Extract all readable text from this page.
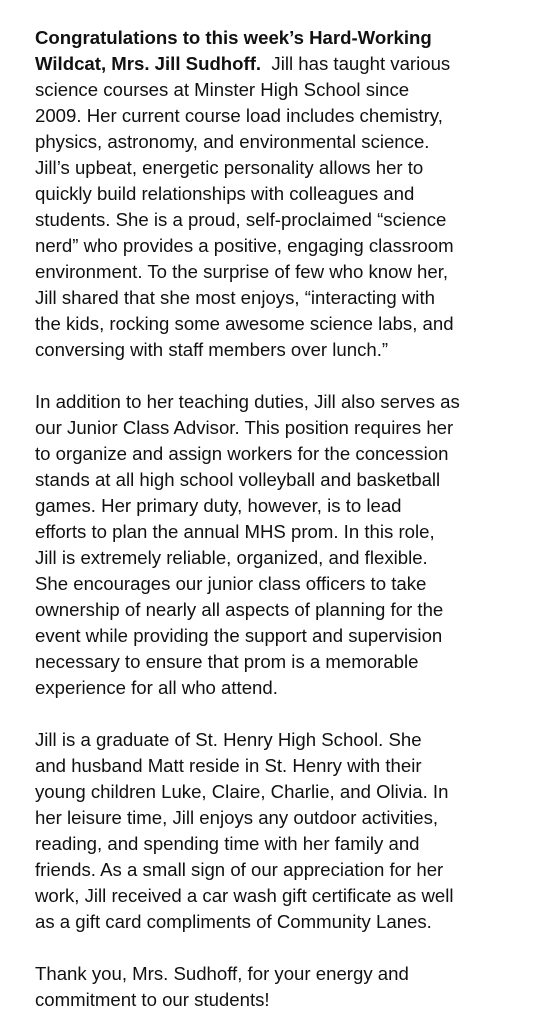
Congratulations to this week’s Hard-Working
Wildcat, Mrs. Jill Sudhoff.  Jill has taught various
science courses at Minster High School since
2009. Her current course load includes chemistry,
physics, astronomy, and environmental science.
Jill’s upbeat, energetic personality allows her to
quickly build relationships with colleagues and
students. She is a proud, self-proclaimed “science
nerd” who provides a positive, engaging classroom
environment. To the surprise of few who know her,
Jill shared that she most enjoys, “interacting with
the kids, rocking some awesome science labs, and
conversing with staff members over lunch.”

In addition to her teaching duties, Jill also serves as
our Junior Class Advisor. This position requires her
to organize and assign workers for the concession
stands at all high school volleyball and basketball
games. Her primary duty, however, is to lead
efforts to plan the annual MHS prom. In this role,
Jill is extremely reliable, organized, and flexible.
She encourages our junior class officers to take
ownership of nearly all aspects of planning for the
event while providing the support and supervision
necessary to ensure that prom is a memorable
experience for all who attend.

Jill is a graduate of St. Henry High School. She
and husband Matt reside in St. Henry with their
young children Luke, Claire, Charlie, and Olivia. In
her leisure time, Jill enjoys any outdoor activities,
reading, and spending time with her family and
friends. As a small sign of our appreciation for her
work, Jill received a car wash gift certificate as well
as a gift card compliments of Community Lanes.

Thank you, Mrs. Sudhoff, for your energy and
commitment to our students!
